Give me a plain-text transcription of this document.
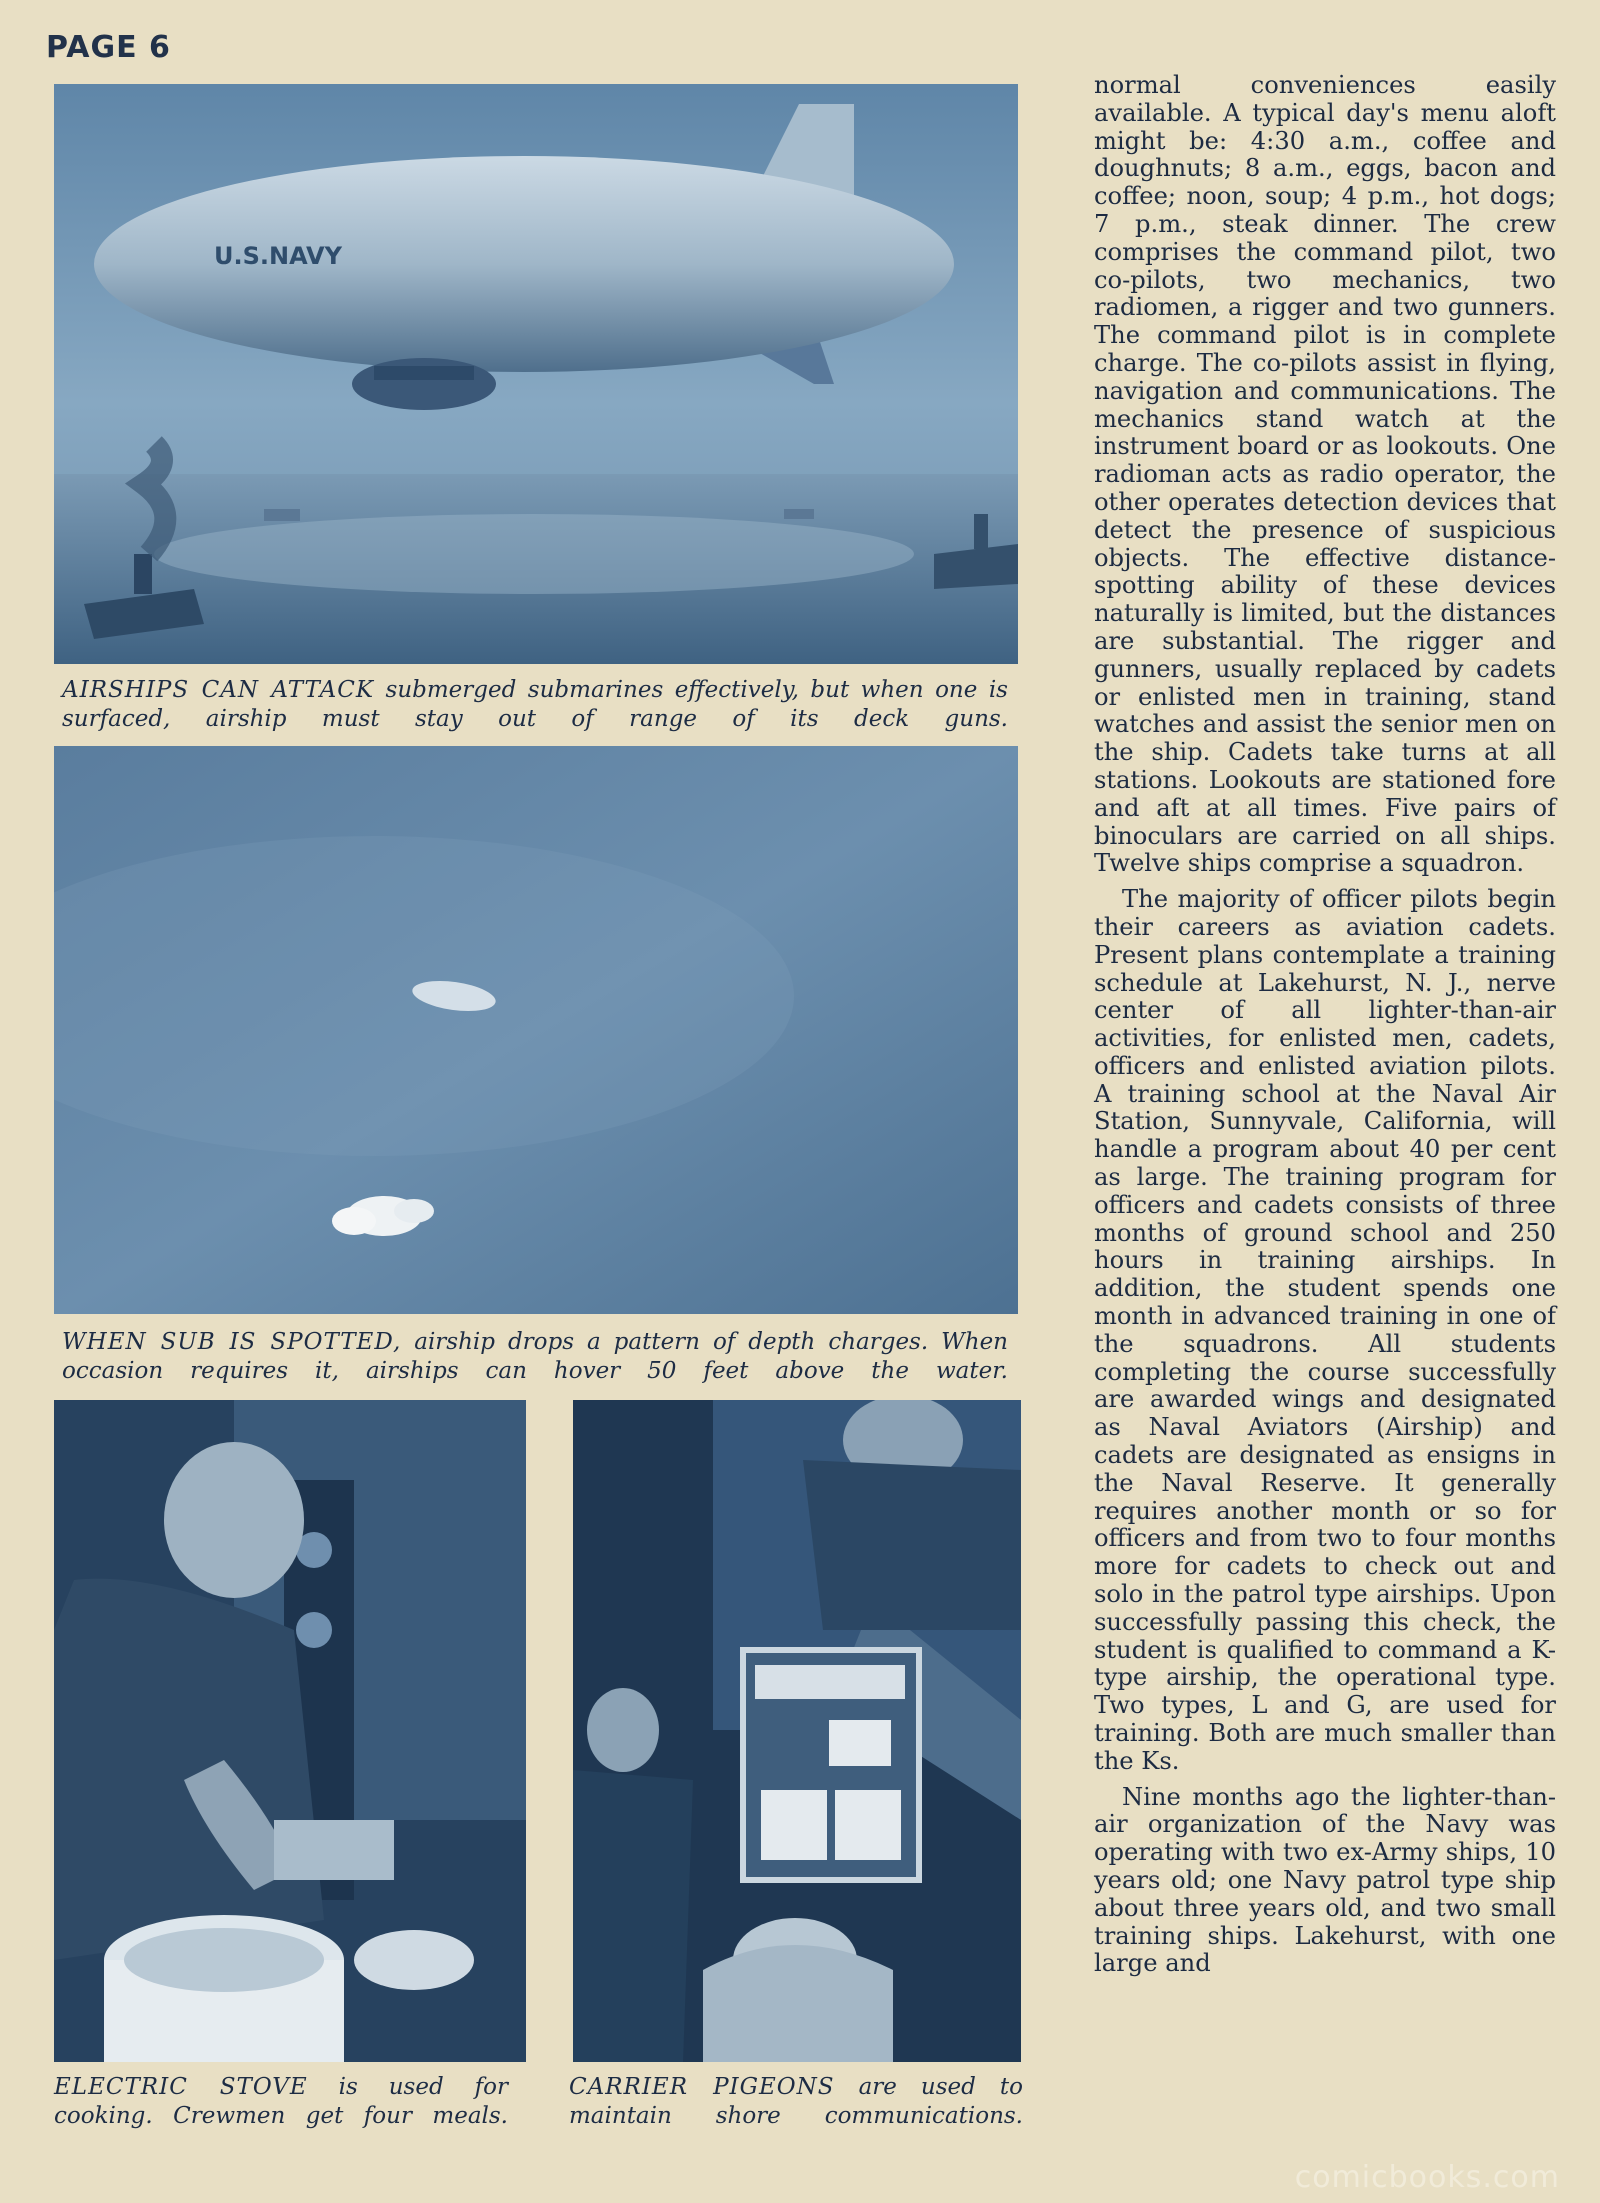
PAGE 6
U.S.NAVY
AIRSHIPS CAN ATTACK submerged submarines effectively, but when one is surfaced, airship must stay out of range of its deck guns.
WHEN SUB IS SPOTTED, airship drops a pattern of depth charges. When occasion requires it, airships can hover 50 feet above the water.
ELECTRIC STOVE is used for cooking. Crewmen get four meals.
CARRIER PIGEONS are used to maintain shore communications.

normal conveniences easily available. A typical day's menu aloft might be: 4:30 a.m., coffee and doughnuts; 8 a.m., eggs, bacon and coffee; noon, soup; 4 p.m., hot dogs; 7 p.m., steak dinner. The crew comprises the command pilot, two co-pilots, two mechanics, two radiomen, a rigger and two gunners. The command pilot is in complete charge. The co-pilots assist in flying, navigation and communications. The mechanics stand watch at the instrument board or as lookouts. One radioman acts as radio operator, the other operates detection devices that detect the presence of suspicious objects. The effective distance-spotting ability of these devices naturally is limited, but the distances are substantial. The rigger and gunners, usually replaced by cadets or enlisted men in training, stand watches and assist the senior men on the ship. Cadets take turns at all stations. Lookouts are stationed fore and aft at all times. Five pairs of binoculars are carried on all ships. Twelve ships comprise a squadron.

The majority of officer pilots begin their careers as aviation cadets. Present plans contemplate a training schedule at Lakehurst, N. J., nerve center of all lighter-than-air activities, for enlisted men, cadets, officers and enlisted aviation pilots. A training school at the Naval Air Station, Sunnyvale, California, will handle a program about 40 per cent as large. The training program for officers and cadets consists of three months of ground school and 250 hours in training airships. In addition, the student spends one month in advanced training in one of the squadrons. All students completing the course successfully are awarded wings and designated as Naval Aviators (Airship) and cadets are designated as ensigns in the Naval Reserve. It generally requires another month or so for officers and from two to four months more for cadets to check out and solo in the patrol type airships. Upon successfully passing this check, the student is qualified to command a K-type airship, the operational type. Two types, L and G, are used for training. Both are much smaller than the Ks.

Nine months ago the lighter-than-air organization of the Navy was operating with two ex-Army ships, 10 years old; one Navy patrol type ship about three years old, and two small training ships. Lakehurst, with one large and

comicbooks.com
